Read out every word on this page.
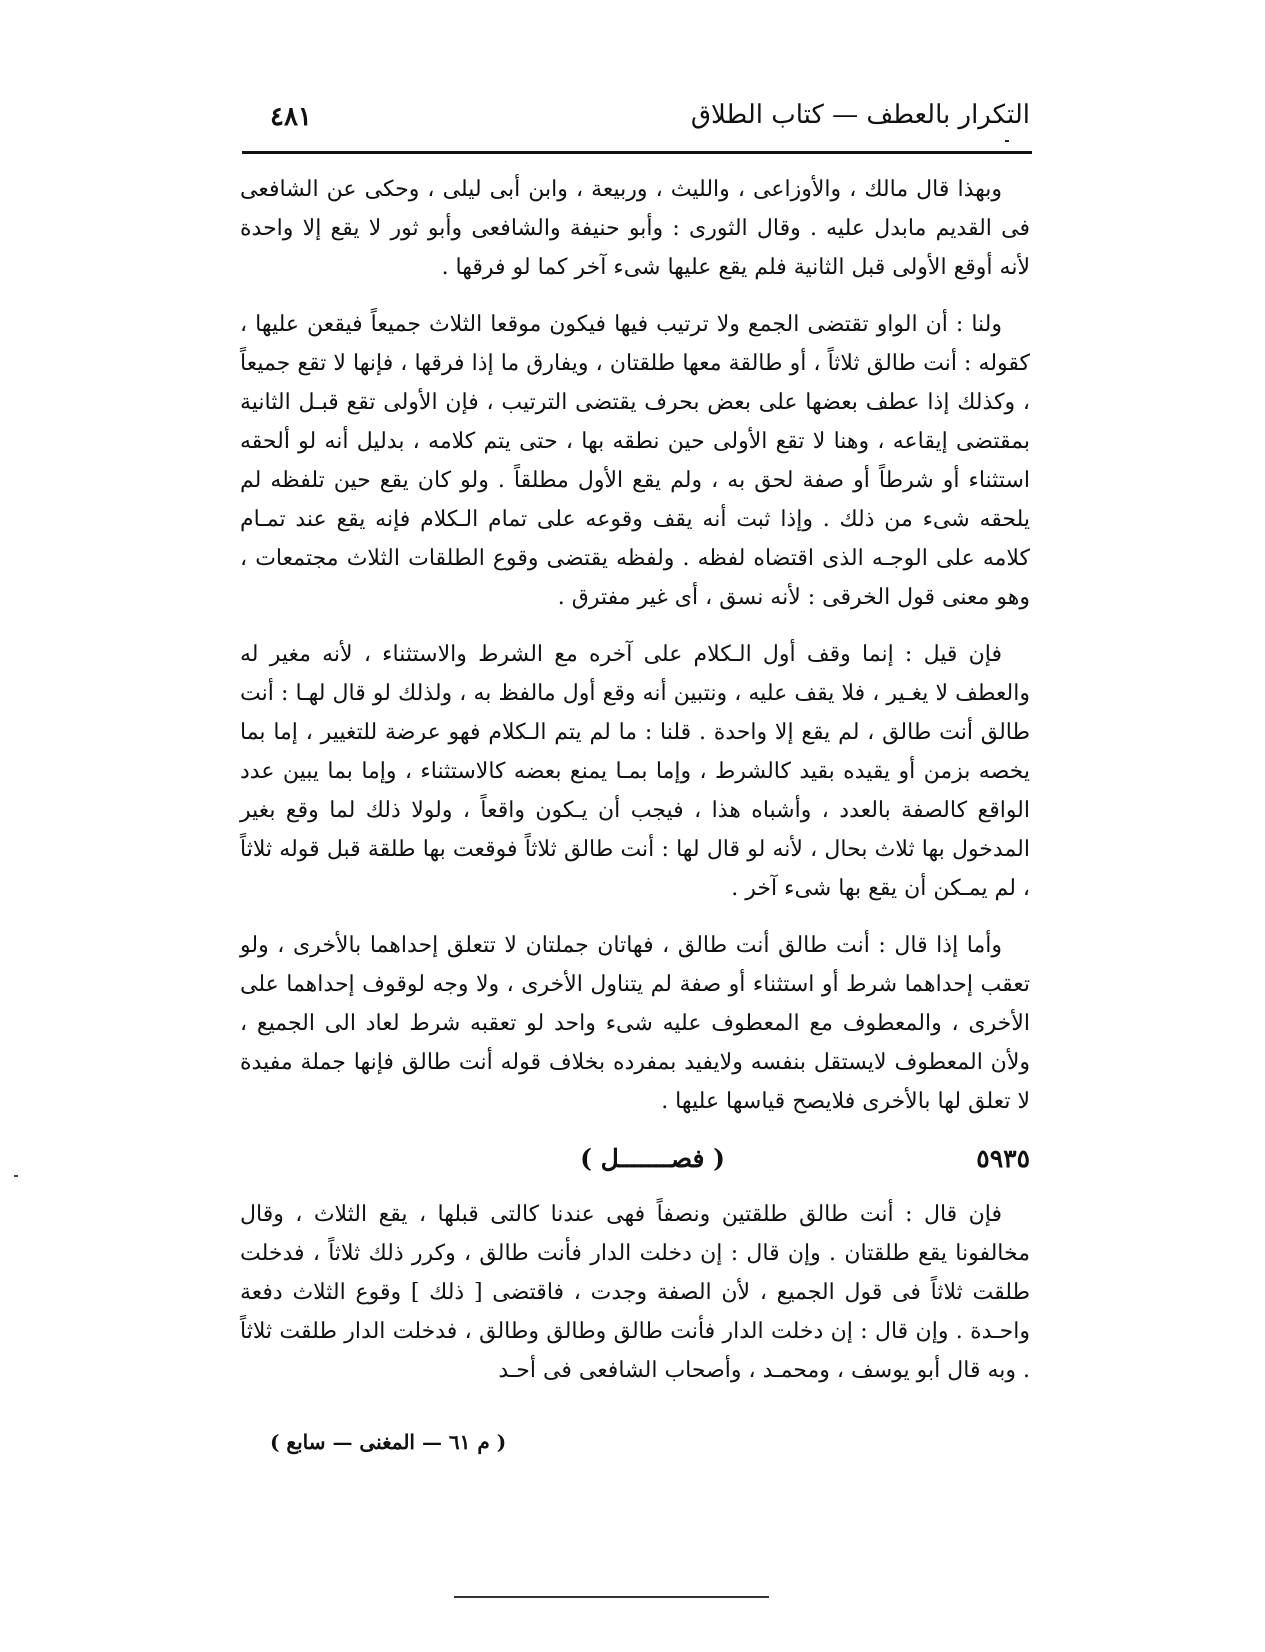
٤٨١	التكرار بالعطف — كتاب الطلاق

وبهذا قال مالك ، والأوزاعى ، والليث ، وربيعة ، وابن أبى ليلى ، وحكى عن الشافعى فى القديم مابدل عليه . وقال الثورى : وأبو حنيفة والشافعى وأبو ثور لا يقع إلا واحدة لأنه أوقع الأولى قبل الثانية فلم يقع عليها شىء آخر كما لو فرقها .

ولنا : أن الواو تقتضى الجمع ولا ترتيب فيها فيكون موقعا الثلاث جميعاً فيقعن عليها ، كقوله : أنت طالق ثلاثاً ، أو طالقة معها طلقتان ، ويفارق ما إذا فرقها ، فإنها لا تقع جميعاً ، وكذلك إذا عطف بعضها على بعض بحرف يقتضى الترتيب ، فإن الأولى تقع قبـل الثانية بمقتضى إيقاعه ، وهنا لا تقع الأولى حين نطقه بها ، حتى يتم كلامه ، بدليل أنه لو ألحقه استثناء أو شرطاً أو صفة لحق به ، ولم يقع الأول مطلقاً . ولو كان يقع حين تلفظه لم يلحقه شىء من ذلك . وإذا ثبت أنه يقف وقوعه على تمام الـكلام فإنه يقع عند تمـام كلامه على الوجـه الذى اقتضاه لفظه . ولفظه يقتضى وقوع الطلقات الثلاث مجتمعات ، وهو معنى قول الخرقى : لأنه نسق ، أى غير مفترق .

فإن قيل : إنما وقف أول الـكلام على آخره مع الشرط والاستثناء ، لأنه مغير له والعطف لا يغـير ، فلا يقف عليه ، ونتبين أنه وقع أول مالفظ به ، ولذلك لو قال لهـا : أنت طالق أنت طالق ، لم يقع إلا واحدة . قلنا : ما لم يتم الـكلام فهو عرضة للتغيير ، إما بما يخصه بزمن أو يقيده بقيد كالشرط ، وإما بمـا يمنع بعضه كالاستثناء ، وإما بما يبين عدد الواقع كالصفة بالعدد ، وأشباه هذا ، فيجب أن يـكون واقعاً ، ولولا ذلك لما وقع بغير المدخول بها ثلاث بحال ، لأنه لو قال لها : أنت طالق ثلاثاً فوقعت بها طلقة قبل قوله ثلاثاً ، لم يمـكن أن يقع بها شىء آخر .

وأما إذا قال : أنت طالق أنت طالق ، فهاتان جملتان لا تتعلق إحداهما بالأخرى ، ولو تعقب إحداهما شرط أو استثناء أو صفة لم يتناول الأخرى ، ولا وجه لوقوف إحداهما على الأخرى ، والمعطوف مع المعطوف عليه شىء واحد لو تعقبه شرط لعاد الى الجميع ، ولأن المعطوف لايستقل بنفسه ولايفيد بمفرده بخلاف قوله أنت طالق فإنها جملة مفيدة لا تعلق لها بالأخرى فلايصح قياسها عليها .

٥٩٣٥
( فصـــــــل )

فإن قال : أنت طالق طلقتين ونصفاً فهى عندنا كالتى قبلها ، يقع الثلاث ، وقال مخالفونا يقع طلقتان . وإن قال : إن دخلت الدار فأنت طالق ، وكرر ذلك ثلاثاً ، فدخلت طلقت ثلاثاً فى قول الجميع ، لأن الصفة وجدت ، فاقتضى [ ذلك ] وقوع الثلاث دفعة واحـدة . وإن قال : إن دخلت الدار فأنت طالق وطالق وطالق ، فدخلت الدار طلقت ثلاثاً . وبه قال أبو يوسف ، ومحمـد ، وأصحاب الشافعى فى أحـد

( م ٦١ — المغنى — سابع )
